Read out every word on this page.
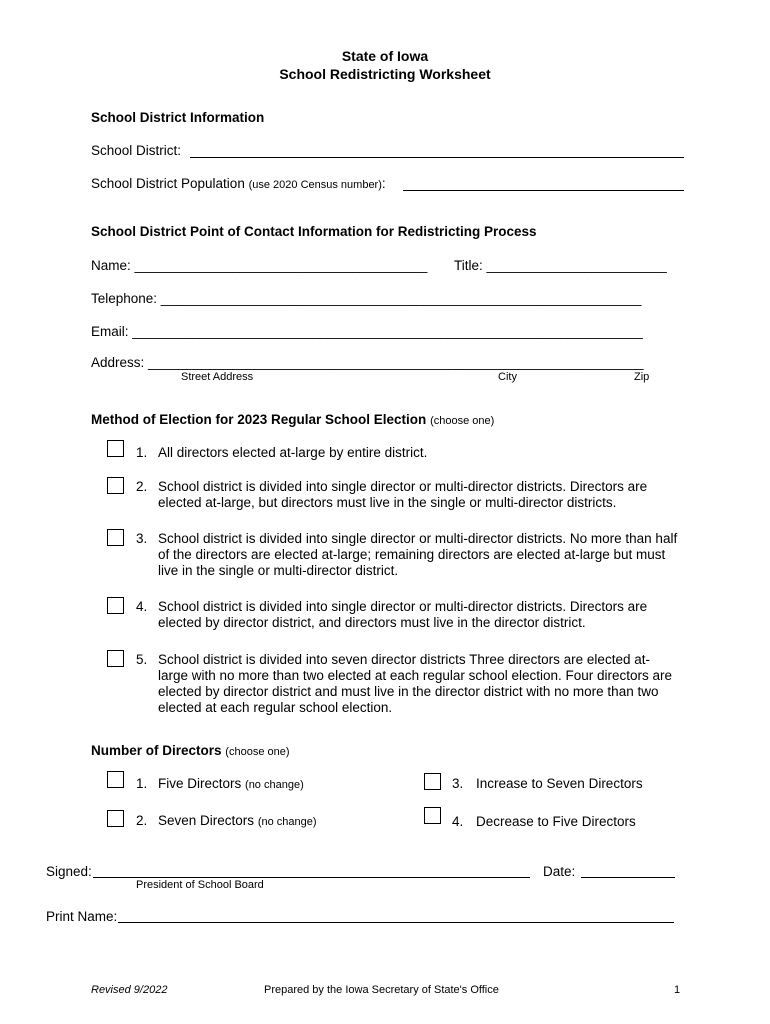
State of Iowa
School Redistricting Worksheet
School District Information
School District:
School District Population (use 2020 Census number):
School District Point of Contact Information for Redistricting Process
Name: _______________________________________ Title: ________________________
Telephone: ________________________________________________________________
Email: ____________________________________________________________________
Address: __________________________________________________________________
Street Address	City	Zip
Method of Election for 2023 Regular School Election (choose one)
1. All directors elected at-large by entire district.
2. School district is divided into single director or multi-director districts. Directors are elected at-large, but directors must live in the single or multi-director districts.
3. School district is divided into single director or multi-director districts. No more than half of the directors are elected at-large; remaining directors are elected at-large but must live in the single or multi-director district.
4. School district is divided into single director or multi-director districts. Directors are elected by director district, and directors must live in the director district.
5. School district is divided into seven director districts Three directors are elected at-large with no more than two elected at each regular school election. Four directors are elected by director district and must live in the director district with no more than two elected at each regular school election.
Number of Directors (choose one)
1. Five Directors (no change)	3. Increase to Seven Directors
2. Seven Directors (no change)	4. Decrease to Five Directors
Signed:
President of School Board
Date:
Print Name:
Revised 9/2022	Prepared by the Iowa Secretary of State's Office	1
